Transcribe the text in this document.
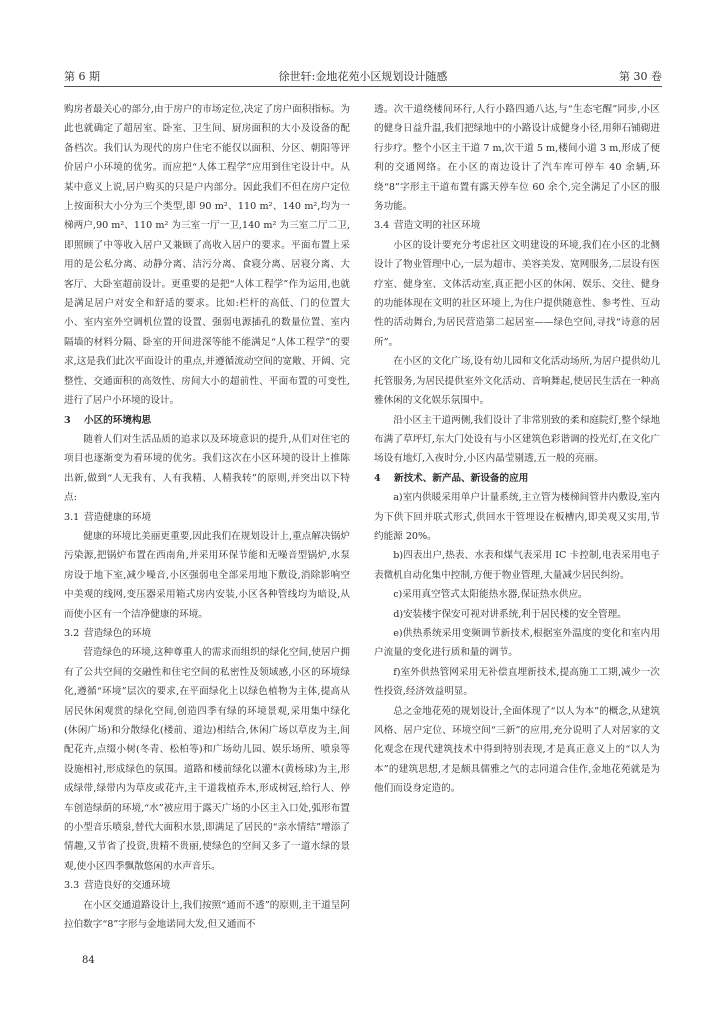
第 6 期	徐世轩:金地花苑小区规划设计随感	第 30 卷

购房者最关心的部分,由于房户的市场定位,决定了房户面积指标。为此也就确定了超居室、卧室、卫生间、厨房面积的大小及设备的配备档次。我们认为现代的房户住宅不能仅以面积、分区、朝阳等评价居户小环境的优劣。而应把“人体工程学”应用到住宅设计中。从某中意义上说,居户购买的只是户内部分。因此我们不但在房户定位上按面积大小分为三个类型,即 90 m²、110 m²、140 m²,均为一梯两户,90 m²、110 m² 为三室一厅一卫,140 m² 为三室二厅二卫,即照顾了中等收入居户又兼顾了高收入居户的要求。平面布置上采用的是公私分离、动静分离、洁污分离、食寝分离、居寝分离、大客厅、大卧室超前设计。更重要的是把“人体工程学”作为运用,也就是满足居户对安全和舒适的要求。比如:栏杆的高低、门的位置大小、室内室外空调机位置的设置、强弱电源插孔的数量位置、室内隔墙的材料分隔、卧室的开间进深等能不能满足“人体工程学”的要求,这是我们此次平面设计的重点,并遵循流动空间的宽敞、开阔、完整性、交通面积的高效性、房间大小的超前性、平面布置的可变性,进行了居户小环境的设计。

3 小区的环境构思

随着人们对生活品质的追求以及环境意识的提升,从们对住宅的项目也逐渐变为看环境的优劣。我们这次在小区环境的设计上推陈出新,做到“人无我有、人有我精、人精我转”的原则,并突出以下特点:

3.1 营造健康的环境

健康的环境比美丽更重要,因此我们在规划设计上,重点解决锅炉污染源,把锅炉布置在西南角,并采用环保节能和无噪音型锅炉,水泵房设于地下室,减少噪音,小区强弱电全部采用地下敷设,消除影响空中美观的线网,变压器采用箱式房内安装,小区各种管线均为暗设,从而使小区有一个洁净健康的环境。

3.2 营造绿色的环境

营造绿色的环境,这种尊重人的需求而组织的绿化空间,使居户拥有了公共空间的交融性和住宅空间的私密性及领域感,小区的环境绿化,遵循“环境”层次的要求,在平面绿化上以绿色植物为主体,提高从居民休闲观赏的绿化空间,创造四季有绿的环境景观,采用集中绿化(休闲广场)和分散绿化(楼前、道边)相结合,休闲广场以草皮为主,间配花卉,点缀小树(冬青、松柏等)和广场幼儿园、娱乐场所、喷泉等设施相衬,形成绿色的氛围。道路和楼前绿化以灌木(黄杨球)为主,形成绿带,绿带内为草皮或花卉,主干道栽植乔木,形成树冠,给行人、停车创造绿荫的环境,“水”被应用于露天广场的小区主入口处,弧形布置的小型音乐喷泉,替代大面积水景,即满足了居民的“亲水情结”增添了情趣,又节省了投资,贵精不贵丽,使绿色的空间又多了一道水绿的景观,使小区四季飘散悠闲的水声音乐。

3.3 营造良好的交通环境

在小区交通道路设计上,我们按照“通而不透”的原则,主干道呈阿拉伯数字“8”字形与金地诺同大发,但又通而不

透。次干道绕楼间环行,人行小路四通八达,与“生态宅醒”同步,小区的健身日益升温,我们把绿地中的小路设计成健身小径,用卵石铺砌进行步疗。整个小区主干道 7 m,次干道 5 m,楼间小道 3 m,形成了便利的交通网络。在小区的南边设计了汽车库可停车 40 余辆,环绕“8”字形主干道布置有露天停车位 60 余个,完全满足了小区的服务功能。

3.4 营造文明的社区环境

小区的设计要充分考虑社区文明建设的环境,我们在小区的北侧设计了物业管理中心,一层为超市、美容美发、宽网服务,二层设有医疗室、健身室、文体活动室,真正把小区的休闲、娱乐、交往、健身的功能体现在文明的社区环境上,为住户提供随意性、参考性、互动性的活动舞台,为居民营造第二起居室——绿色空间,寻找“诗意的居所”。

在小区的文化广场,设有幼儿园和文化活动场所,为居户提供幼儿托管服务,为居民提供室外文化活动、音响舞起,使居民生活在一种高雅休闲的文化娱乐氛围中。

沿小区主干道两侧,我们设计了非常别致的柔和庭院灯,整个绿地布满了草坪灯,东大门处设有与小区建筑色彩谐调的投光灯,在文化广场设有地灯,入夜时分,小区内晶莹剔透,五一般的亮丽。

4 新技术、新产品、新设备的应用

a)室内供暖采用单户计量系统,主立管为楼梯间管井内敷设,室内为下供下回并联式形式,供回水干管埋设在板槽内,即美观又实用,节约能源 20%。

b)四表出户,热表、水表和煤气表采用 IC 卡控制,电表采用电子表微机自动化集中控制,方便于物业管理,大量减少居民纠纷。

c)采用真空管式太阳能热水器,保证热水供应。

d)安装楼宇保安可视对讲系统,利于居民楼的安全管理。

e)供热系统采用变频调节新技术,根据室外温度的变化和室内用户流量的变化进行质和量的调节。

f)室外供热管网采用无补偿直埋新技术,提高施工工期,减少一次性投资,经济效益明显。

总之金地花苑的规划设计,全面体现了“以人为本”的概念,从建筑风格、居户定位、环境空间“三新”的应用,充分说明了人对居家的文化观念在现代建筑技术中得到特别表现,才是真正意义上的“以人为本”的建筑思想,才是颇具儒雅之气的志同道合佳作,金地花苑就是为他们而设身定造的。

84
